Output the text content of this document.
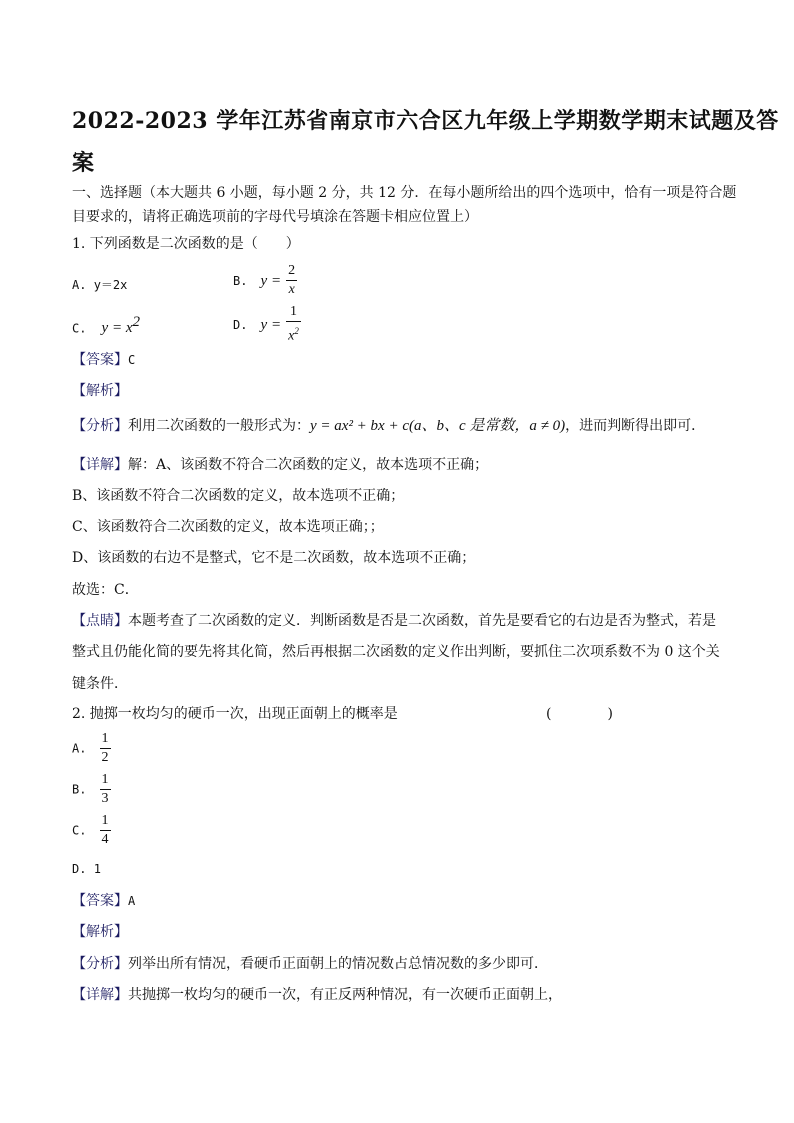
2022-2023 学年江苏省南京市六合区九年级上学期数学期末试题及答
案
一、选择题（本大题共 6 小题，每小题 2 分，共 12 分．在每小题所给出的四个选项中，恰有一项是符合题
目要求的，请将正确选项前的字母代号填涂在答题卡相应位置上）
1. 下列函数是二次函数的是（　　）
A. y＝2x	B. $y = \frac{2}{x}$
C. $y = x^2$	D. $y = \frac{1}{x^2}$
【答案】C
【解析】
【分析】利用二次函数的一般形式为：y = ax² + bx + c(a、b、c 是常数，a ≠ 0)，进而判断得出即可．
【详解】解：A、该函数不符合二次函数的定义，故本选项不正确；
B、该函数不符合二次函数的定义，故本选项不正确；
C、该函数符合二次函数的定义，故本选项正确；；
D、该函数的右边不是整式，它不是二次函数，故本选项不正确；
故选：C．
【点睛】本题考查了二次函数的定义．判断函数是否是二次函数，首先是要看它的右边是否为整式，若是
整式且仍能化简的要先将其化简，然后再根据二次函数的定义作出判断，要抓住二次项系数不为 0 这个关
键条件．
2. 抛掷一枚均匀的硬币一次，出现正面朝上的概率是	(　　　　)
A. $\frac{1}{2}$
B. $\frac{1}{3}$
C. $\frac{1}{4}$
D. 1
【答案】A
【解析】
【分析】列举出所有情况，看硬币正面朝上的情况数占总情况数的多少即可．
【详解】共抛掷一枚均匀的硬币一次，有正反两种情况，有一次硬币正面朝上，
